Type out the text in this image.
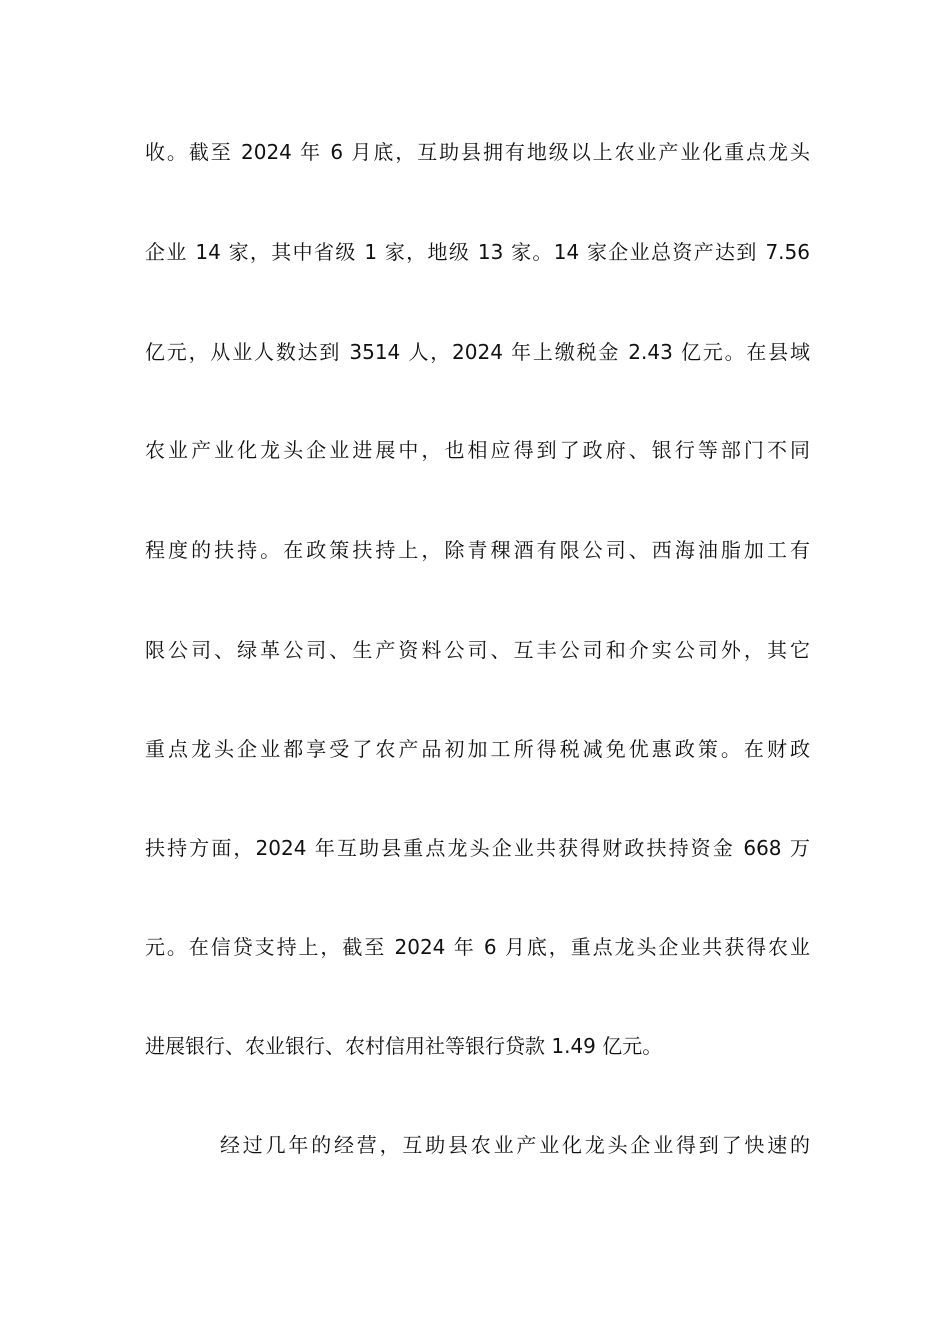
收。截至 2024 年 6 月底，互助县拥有地级以上农业产业化重点龙头
企业 14 家，其中省级 1 家，地级 13 家。14 家企业总资产达到 7.56
亿元，从业人数达到 3514 人，2024 年上缴税金 2.43 亿元。在县域
农业产业化龙头企业进展中，也相应得到了政府、银行等部门不同
程度的扶持。在政策扶持上，除青稞酒有限公司、西海油脂加工有
限公司、绿革公司、生产资料公司、互丰公司和介实公司外，其它
重点龙头企业都享受了农产品初加工所得税减免优惠政策。在财政
扶持方面，2024 年互助县重点龙头企业共获得财政扶持资金 668 万
元。在信贷支持上，截至 2024 年 6 月底，重点龙头企业共获得农业
进展银行、农业银行、农村信用社等银行贷款 1.49 亿元。
经过几年的经营，互助县农业产业化龙头企业得到了快速的
